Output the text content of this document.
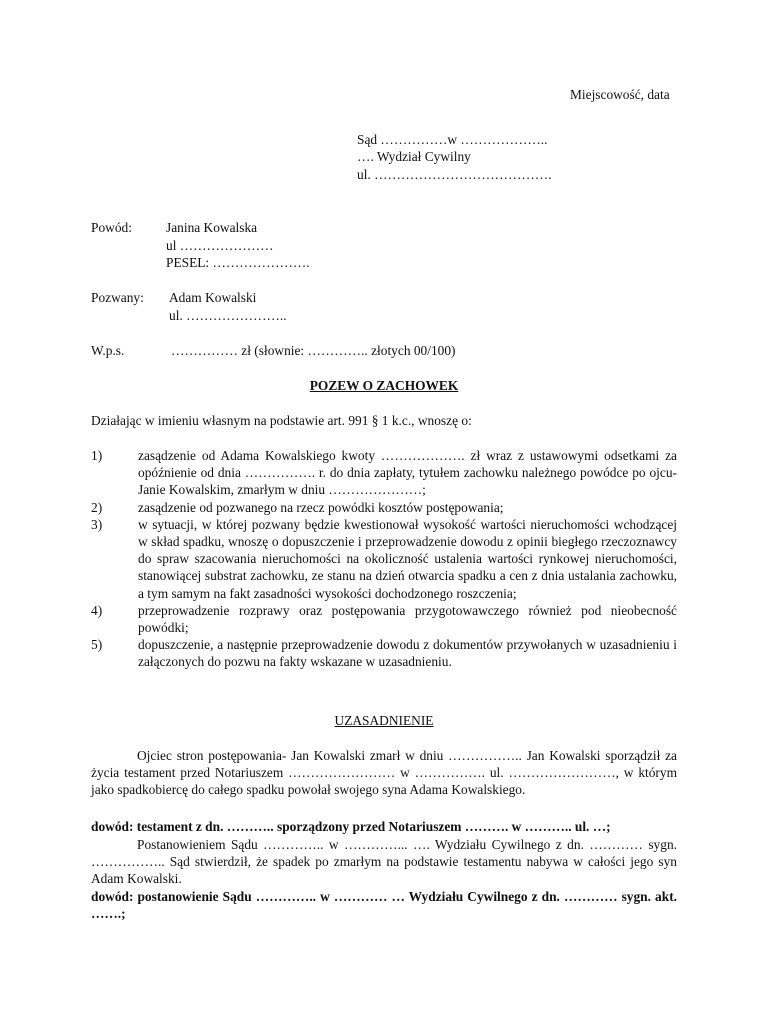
Miejscowość, data
Sąd ……………w ………………..
…. Wydział Cywilny
ul. ………………………………….
Powód:	Janina Kowalska
ul …………………
PESEL: ………………….
Pozwany: Adam Kowalski
ul. …………………..
W.p.s.	…………… zł (słownie: ………….. złotych 00/100)
POZEW O ZACHOWEK
Działając w imieniu własnym na podstawie art. 991 § 1 k.c., wnoszę o:
1)	zasądzenie od Adama Kowalskiego kwoty ………………. zł wraz z ustawowymi odsetkami za opóźnienie od dnia ……………. r. do dnia zapłaty, tytułem zachowku należnego powódce po ojcu- Janie Kowalskim, zmarłym w dniu …………………;
2)	zasądzenie od pozwanego na rzecz powódki kosztów postępowania;
3)	w sytuacji, w której pozwany będzie kwestionował wysokość wartości nieruchomości wchodzącej w skład spadku, wnoszę o dopuszczenie i przeprowadzenie dowodu z opinii biegłego rzeczoznawcy do spraw szacowania nieruchomości na okoliczność ustalenia wartości rynkowej nieruchomości, stanowiącej substrat zachowku, ze stanu na dzień otwarcia spadku a cen z dnia ustalania zachowku, a tym samym na fakt zasadności wysokości dochodzonego roszczenia;
4)	przeprowadzenie rozprawy oraz postępowania przygotowawczego również pod nieobecność powódki;
5)	dopuszczenie, a następnie przeprowadzenie dowodu z dokumentów przywołanych w uzasadnieniu i załączonych do pozwu na fakty wskazane w uzasadnieniu.
UZASADNIENIE
Ojciec stron postępowania- Jan Kowalski zmarł w dniu …………….. Jan Kowalski sporządził za życia testament przed Notariuszem …………………… w ……………. ul. ……………………, w którym jako spadkobiercę do całego spadku powołał swojego syna Adama Kowalskiego.
dowód: testament z dn. ……….. sporządzony przed Notariuszem ………. w ……….. ul. …;
Postanowieniem Sądu ………….. w …………... …. Wydziału Cywilnego z dn. ………… sygn. …………….. Sąd stwierdził, że spadek po zmarłym na podstawie testamentu nabywa w całości jego syn Adam Kowalski.
dowód: postanowienie Sądu ………….. w ………… … Wydziału Cywilnego z dn. ………… sygn. akt. …….;
